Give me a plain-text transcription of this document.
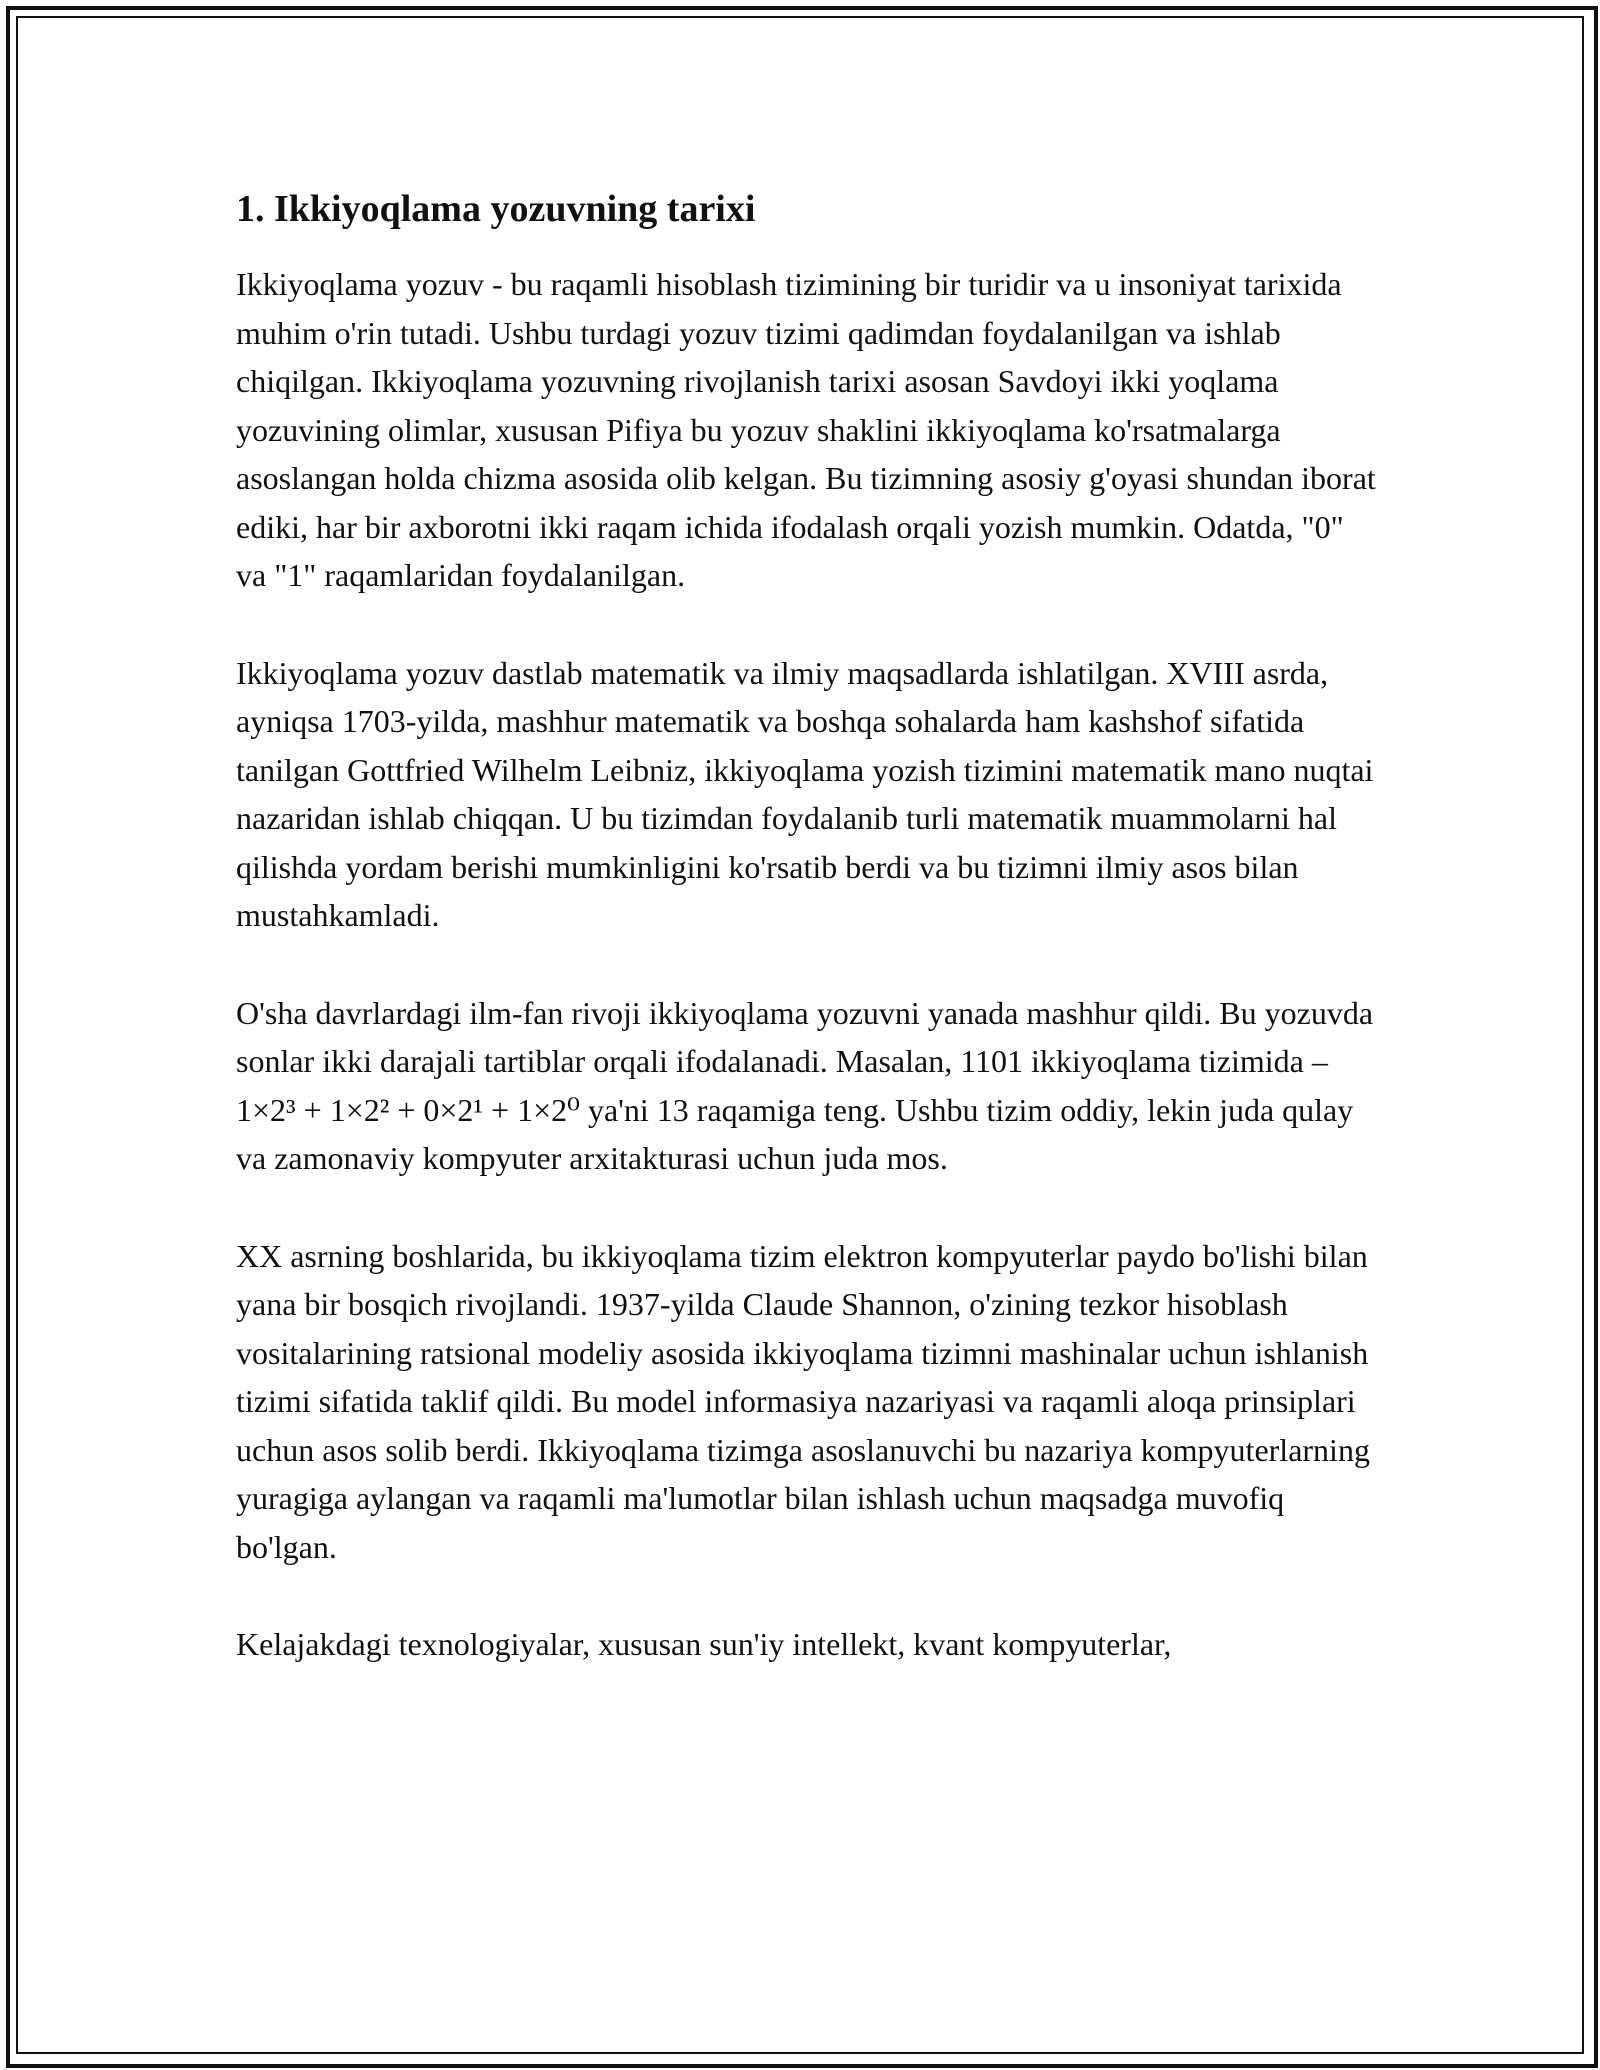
1. Ikkiyoqlama yozuvning tarixi

Ikkiyoqlama yozuv - bu raqamli hisoblash tizimining bir turidir va u insoniyat tarixida muhim o'rin tutadi. Ushbu turdagi yozuv tizimi qadimdan foydalanilgan va ishlab chiqilgan. Ikkiyoqlama yozuvning rivojlanish tarixi asosan Savdoyi ikki yoqlama yozuvining olimlar, xususan Pifiya bu yozuv shaklini ikkiyoqlama ko'rsatmalarga asoslangan holda chizma asosida olib kelgan. Bu tizimning asosiy g'oyasi shundan iborat ediki, har bir axborotni ikki raqam ichida ifodalash orqali yozish mumkin. Odatda, "0" va "1" raqamlaridan foydalanilgan.

Ikkiyoqlama yozuv dastlab matematik va ilmiy maqsadlarda ishlatilgan. XVIII asrda, ayniqsa 1703-yilda, mashhur matematik va boshqa sohalarda ham kashshof sifatida tanilgan Gottfried Wilhelm Leibniz, ikkiyoqlama yozish tizimini matematik mano nuqtai nazaridan ishlab chiqqan. U bu tizimdan foydalanib turli matematik muammolarni hal qilishda yordam berishi mumkinligini ko'rsatib berdi va bu tizimni ilmiy asos bilan mustahkamladi.

O'sha davrlardagi ilm-fan rivoji ikkiyoqlama yozuvni yanada mashhur qildi. Bu yozuvda sonlar ikki darajali tartiblar orqali ifodalanadi. Masalan, 1101 ikkiyoqlama tizimida – 1×2³ + 1×2² + 0×2¹ + 1×2⁰ ya'ni 13 raqamiga teng. Ushbu tizim oddiy, lekin juda qulay va zamonaviy kompyuter arxitakturasi uchun juda mos.

XX asrning boshlarida, bu ikkiyoqlama tizim elektron kompyuterlar paydo bo'lishi bilan yana bir bosqich rivojlandi. 1937-yilda Claude Shannon, o'zining tezkor hisoblash vositalarining ratsional modeliy asosida ikkiyoqlama tizimni mashinalar uchun ishlanish tizimi sifatida taklif qildi. Bu model informasiya nazariyasi va raqamli aloqa prinsiplari uchun asos solib berdi. Ikkiyoqlama tizimga asoslanuvchi bu nazariya kompyuterlarning yuragiga aylangan va raqamli ma'lumotlar bilan ishlash uchun maqsadga muvofiq bo'lgan.

Kelajakdagi texnologiyalar, xususan sun'iy intellekt, kvant kompyuterlar,
